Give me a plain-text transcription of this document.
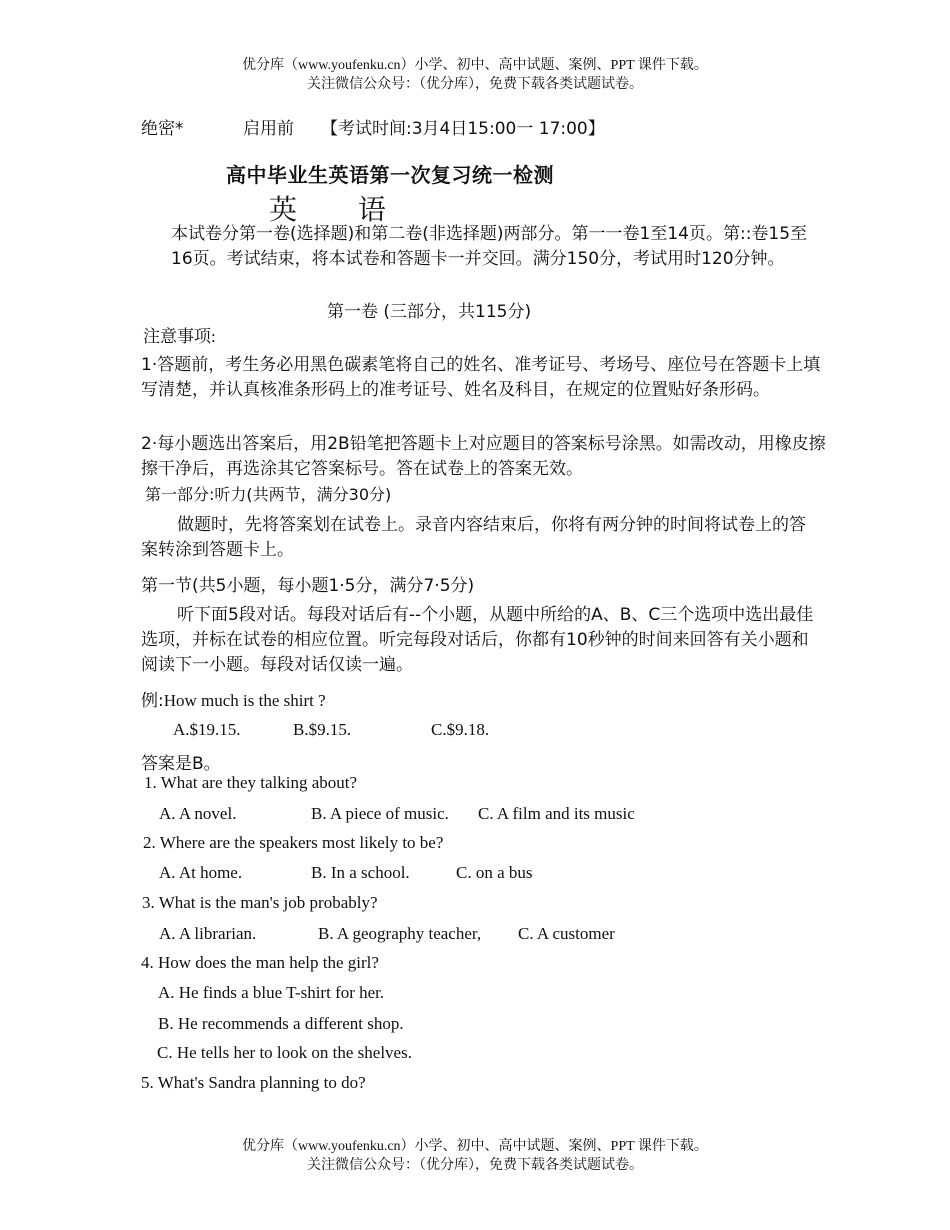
优分库（www.youfenku.cn）小学、初中、高中试题、案例、PPT 课件下载。
关注微信公众号：（优分库），免费下载各类试题试卷。
绝密*	启用前 【考试时间:3月4日15:00一 17:00】
高中毕业生英语第一次复习统一检测
英 语
本试卷分第一卷(选择题)和第二卷(非选择题)两部分。第一一卷1至14页。第::卷15至16页。考试结束，将本试卷和答题卡一并交回。满分150分，考试用时120分钟。
第一卷 (三部分，共115分)
注意事项:
1·答题前，考生务必用黑色碳素笔将自己的姓名、准考证号、考场号、座位号在答题卡上填写清楚，并认真核准条形码上的准考证号、姓名及科目，在规定的位置贴好条形码。
2·每小题选出答案后，用2B铅笔把答题卡上对应题目的答案标号涂黑。如需改动，用橡皮擦擦干净后，再选涂其它答案标号。答在试卷上的答案无效。
第一部分:听力(共两节，满分30分)
做题时，先将答案划在试卷上。录音内容结束后，你将有两分钟的时间将试卷上的答案转涂到答题卡上。
第一节(共5小题，每小题1·5分，满分7·5分)
听下面5段对话。每段对话后有--个小题，从题中所给的A、B、C三个选项中选出最佳选项，并标在试卷的相应位置。听完每段对话后，你都有10秒钟的时间来回答有关小题和阅读下一小题。每段对话仅读一遍。
例:How much is the shirt ?
A.$19.15.	B.$9.15.	C.$9.18.
答案是B。
1. What are they talking about?
A. A novel.	B. A piece of music. C. A film and its music
2. Where are the speakers most likely to be?
A. At home.	B. In a school.	C. on a bus
3. What is the man's job probably?
A. A librarian.	B. A geography teacher, C. A customer
4. How does the man help the girl?
A. He finds a blue T-shirt for her.
B. He recommends a different shop.
C. He tells her to look on the shelves.
5. What's Sandra planning to do?
优分库（www.youfenku.cn）小学、初中、高中试题、案例、PPT 课件下载。
关注微信公众号：（优分库），免费下载各类试题试卷。
